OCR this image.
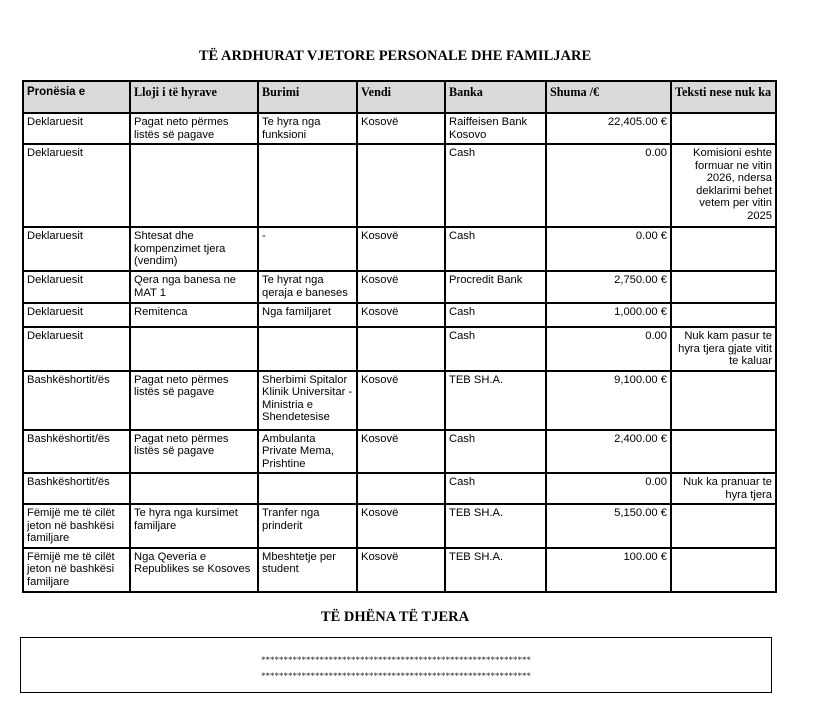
TË ARDHURAT VJETORE PERSONALE DHE FAMILJARE
Pronësia e	Lloji i të hyrave	Burimi	Vendi	Banka	Shuma /€	Teksti nese nuk ka
Deklaruesit	Pagat neto përmes listës së pagave	Te hyra nga funksioni	Kosovë	Raiffeisen Bank Kosovo	22,405.00 €	
Deklaruesit				Cash	0.00	Komisioni eshte formuar ne vitin 2026, ndersa deklarimi behet vetem per vitin 2025
Deklaruesit	Shtesat dhe kompenzimet tjera (vendim)	-	Kosovë	Cash	0.00 €	
Deklaruesit	Qera nga banesa ne MAT 1	Te hyrat nga qeraja e baneses	Kosovë	Procredit Bank	2,750.00 €	
Deklaruesit	Remitenca	Nga familjaret	Kosovë	Cash	1,000.00 €	
Deklaruesit				Cash	0.00	Nuk kam pasur te hyra tjera gjate vitit te kaluar
Bashkëshortit/ës	Pagat neto përmes listës së pagave	Sherbimi Spitalor Klinik Universitar - Ministria e Shendetesise	Kosovë	TEB SH.A.	9,100.00 €	
Bashkëshortit/ës	Pagat neto përmes listës së pagave	Ambulanta Private Mema, Prishtine	Kosovë	Cash	2,400.00 €	
Bashkëshortit/ës				Cash	0.00	Nuk ka pranuar te hyra tjera
Fëmijë me të cilët jeton në bashkësi familjare	Te hyra nga kursimet familjare	Tranfer nga prinderit	Kosovë	TEB SH.A.	5,150.00 €	
Fëmijë me të cilët jeton në bashkësi familjare	Nga Qeveria e Republikes se Kosoves	Mbeshtetje per student	Kosovë	TEB SH.A.	100.00 €	
TË DHËNA TË TJERA
************************************************************
************************************************************
